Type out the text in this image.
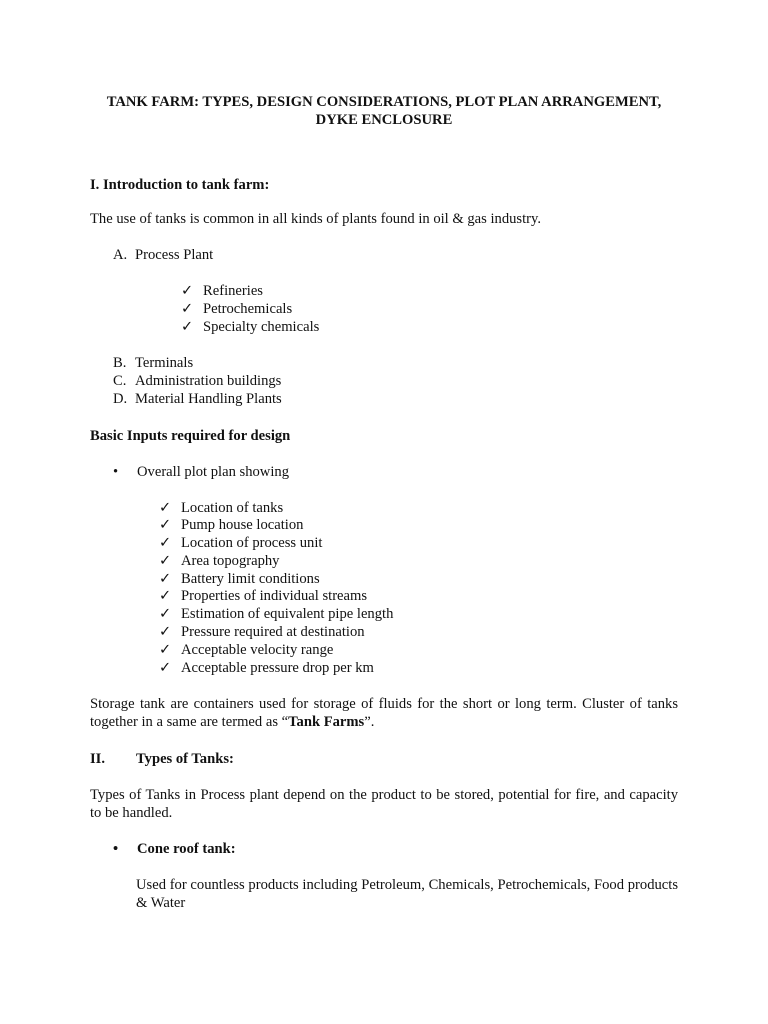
TANK FARM: TYPES, DESIGN CONSIDERATIONS, PLOT PLAN ARRANGEMENT,
DYKE ENCLOSURE
I. Introduction to tank farm:
The use of tanks is common in all kinds of plants found in oil & gas industry.
A. Process Plant
✓ Refineries
✓ Petrochemicals
✓ Specialty chemicals
B. Terminals
C. Administration buildings
D. Material Handling Plants
Basic Inputs required for design
• Overall plot plan showing
✓ Location of tanks
✓ Pump house location
✓ Location of process unit
✓ Area topography
✓ Battery limit conditions
✓ Properties of individual streams
✓ Estimation of equivalent pipe length
✓ Pressure required at destination
✓ Acceptable velocity range
✓ Acceptable pressure drop per km
Storage tank are containers used for storage of fluids for the short or long term. Cluster of tanks together in a same are termed as “Tank Farms”.
II. Types of Tanks:
Types of Tanks in Process plant depend on the product to be stored, potential for fire, and capacity to be handled.
• Cone roof tank:
Used for countless products including Petroleum, Chemicals, Petrochemicals, Food products & Water
